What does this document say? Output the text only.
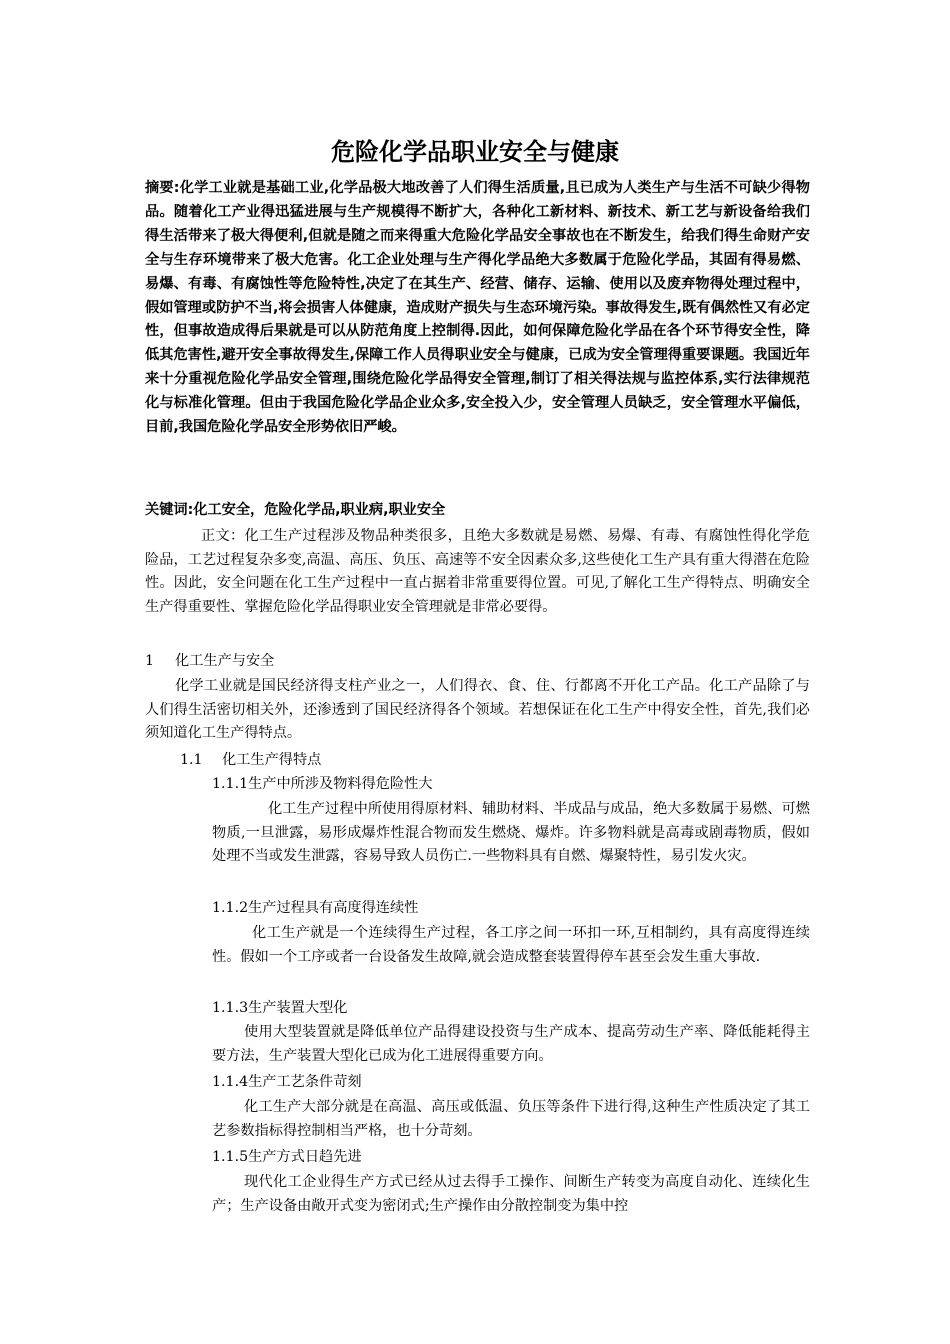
危险化学品职业安全与健康
摘要:化学工业就是基础工业,化学品极大地改善了人们得生活质量,且已成为人类生产与生活不可缺少得物品。随着化工产业得迅猛进展与生产规模得不断扩大，各种化工新材料、新技术、新工艺与新设备给我们得生活带来了极大得便利,但就是随之而来得重大危险化学品安全事故也在不断发生，给我们得生命财产安全与生存环境带来了极大危害。化工企业处理与生产得化学品绝大多数属于危险化学品，其固有得易燃、易爆、有毒、有腐蚀性等危险特性,决定了在其生产、经营、储存、运输、使用以及废弃物得处理过程中，假如管理或防护不当,将会损害人体健康，造成财产损失与生态环境污染。事故得发生,既有偶然性又有必定性，但事故造成得后果就是可以从防范角度上控制得.因此，如何保障危险化学品在各个环节得安全性，降低其危害性,避开安全事故得发生,保障工作人员得职业安全与健康，已成为安全管理得重要课题。我国近年来十分重视危险化学品安全管理,围绕危险化学品得安全管理,制订了相关得法规与监控体系,实行法律规范化与标准化管理。但由于我国危险化学品企业众多,安全投入少，安全管理人员缺乏，安全管理水平偏低，目前,我国危险化学品安全形势依旧严峻。
关键词:化工安全，危险化学品,职业病,职业安全
正文：化工生产过程涉及物品种类很多，且绝大多数就是易燃、易爆、有毒、有腐蚀性得化学危险品，工艺过程复杂多变,高温、高压、负压、高速等不安全因素众多,这些使化工生产具有重大得潜在危险性。因此，安全问题在化工生产过程中一直占据着非常重要得位置。可见,了解化工生产得特点、明确安全生产得重要性、掌握危险化学品得职业安全管理就是非常必要得。
1 化工生产与安全
化学工业就是国民经济得支柱产业之一，人们得衣、食、住、行都离不开化工产品。化工产品除了与人们得生活密切相关外，还渗透到了国民经济得各个领域。若想保证在化工生产中得安全性，首先,我们必须知道化工生产得特点。
1.1 化工生产得特点
1.1.1生产中所涉及物料得危险性大
化工生产过程中所使用得原材料、辅助材料、半成品与成品，绝大多数属于易燃、可燃物质,一旦泄露，易形成爆炸性混合物而发生燃烧、爆炸。许多物料就是高毒或剧毒物质，假如处理不当或发生泄露，容易导致人员伤亡.一些物料具有自燃、爆聚特性，易引发火灾。
1.1.2生产过程具有高度得连续性
化工生产就是一个连续得生产过程，各工序之间一环扣一环,互相制约，具有高度得连续性。假如一个工序或者一台设备发生故障,就会造成整套装置得停车甚至会发生重大事故.
1.1.3生产装置大型化
使用大型装置就是降低单位产品得建设投资与生产成本、提高劳动生产率、降低能耗得主要方法，生产装置大型化已成为化工进展得重要方向。
1.1.4生产工艺条件苛刻
化工生产大部分就是在高温、高压或低温、负压等条件下进行得,这种生产性质决定了其工艺参数指标得控制相当严格，也十分苛刻。
1.1.5生产方式日趋先进
现代化工企业得生产方式已经从过去得手工操作、间断生产转变为高度自动化、连续化生产；生产设备由敞开式变为密闭式;生产操作由分散控制变为集中控
